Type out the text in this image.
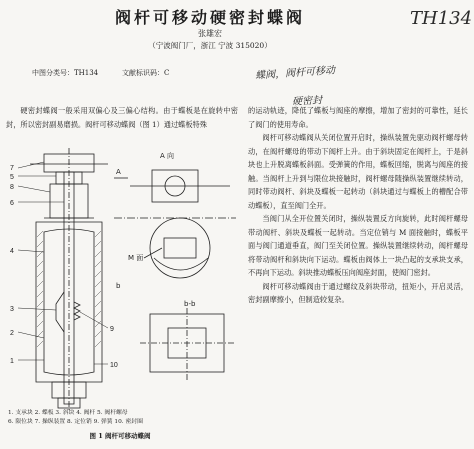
阀杆可移动硬密封蝶阀
张雄宏
（宁波阀门厂，浙江 宁波 315020）
中图分类号：TH134	文献标识码：C
TH134
蝶阀，阀杆可移动
硬密封

硬密封蝶阀一般采用双偏心及三偏心结构。由于蝶板是在旋转中密封，所以密封副易磨损。阀杆可移动蝶阀（图 1）通过蝶板特殊

的运动轨迹，降低了蝶板与阀座的摩擦，增加了密封的可靠性，延长了阀门的使用寿命。

阀杆可移动蝶阀从关闭位置开启时，操纵装置先驱动阀杆螺母转动，在阀杆螺母的带动下阀杆上升。由于斜块固定在阀杆上，于是斜块也上升脱离蝶板斜面。受弹簧的作用，蝶板回缩，脱离与阀座的接触。当阀杆上升到与限位块接触时，阀杆螺母随操纵装置继续转动，同时带动阀杆、斜块及蝶板一起转动（斜块通过与蝶板上的槽配合带动蝶板），直至阀门全开。

当阀门从全开位置关闭时，操纵装置反方向旋转，此时阀杆螺母带动阀杆、斜块及蝶板一起转动。当定位销与 M 面接触时，蝶板平面与阀门通道垂直，阀门至关闭位置。操纵装置继续转动，阀杆螺母将带动阀杆和斜块向下运动。蝶板由阀体上一块凸起的支承块支承，不再向下运动。斜块推动蝶板压向阀座封面，使阀门密封。

阀杆可移动蝶阀由于通过螺纹及斜块带动，扭矩小，开启灵活，密封副摩擦小，但制造较复杂。

A 向
A
M 面
b
b-b
7
5
8
6
4
3
2
1
9
10
1. 支承块 2. 蝶板 3. 斜块 4. 阀杆 5. 阀杆螺母
6. 限位块 7. 操纵装置 8. 定位销 9. 弹簧 10. 密封圈
图 1 阀杆可移动蝶阀
